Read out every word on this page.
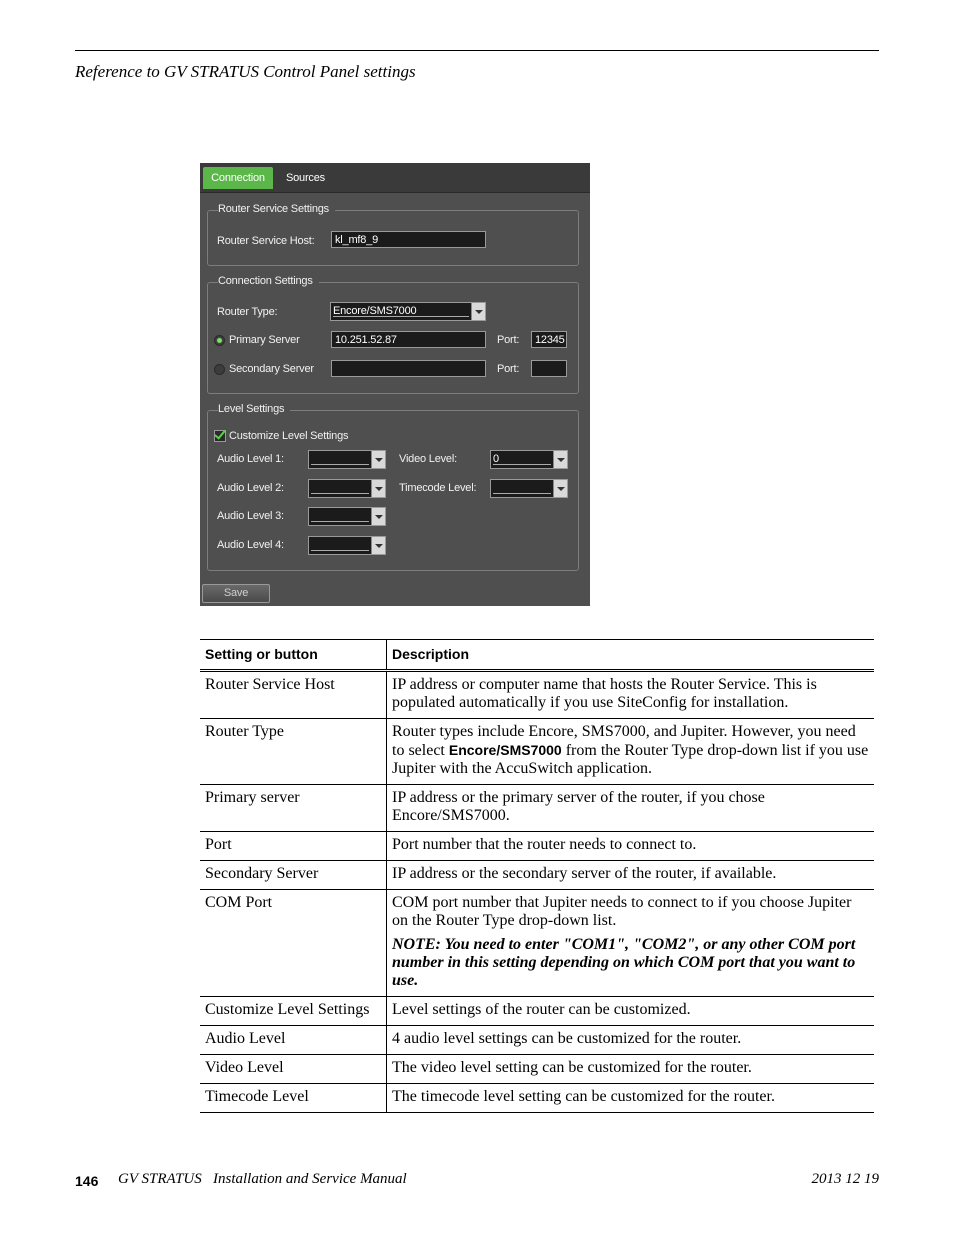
Reference to GV STRATUS Control Panel settings
Connection	Sources
Router Service Settings
Router Service Host:	kl_mf8_9
Connection Settings
Router Type:	Encore/SMS7000
Primary Server	10.251.52.87	Port:	12345
Secondary Server	Port:
Level Settings
Customize Level Settings
Audio Level 1:	Video Level:	0
Audio Level 2:	Timecode Level:
Audio Level 3:
Audio Level 4:
Save
Setting or button	Description
Router Service Host	IP address or computer name that hosts the Router Service. This is populated automatically if you use SiteConfig for installation.
Router Type	Router types include Encore, SMS7000, and Jupiter. However, you need to select Encore/SMS7000 from the Router Type drop-down list if you use Jupiter with the AccuSwitch application.
Primary server	IP address or the primary server of the router, if you chose Encore/SMS7000.
Port	Port number that the router needs to connect to.
Secondary Server	IP address or the secondary server of the router, if available.
COM Port	COM port number that Jupiter needs to connect to if you choose Jupiter on the Router Type drop-down list.
NOTE: You need to enter "COM1", "COM2", or any other COM port number in this setting depending on which COM port that you want to use.

Customize Level Settings	Level settings of the router can be customized.
Audio Level	4 audio level settings can be customized for the router.
Video Level	The video level setting can be customized for the router.
Timecode Level	The timecode level setting can be customized for the router.
146 GV STRATUS   Installation and Service Manual	2013 12 19
